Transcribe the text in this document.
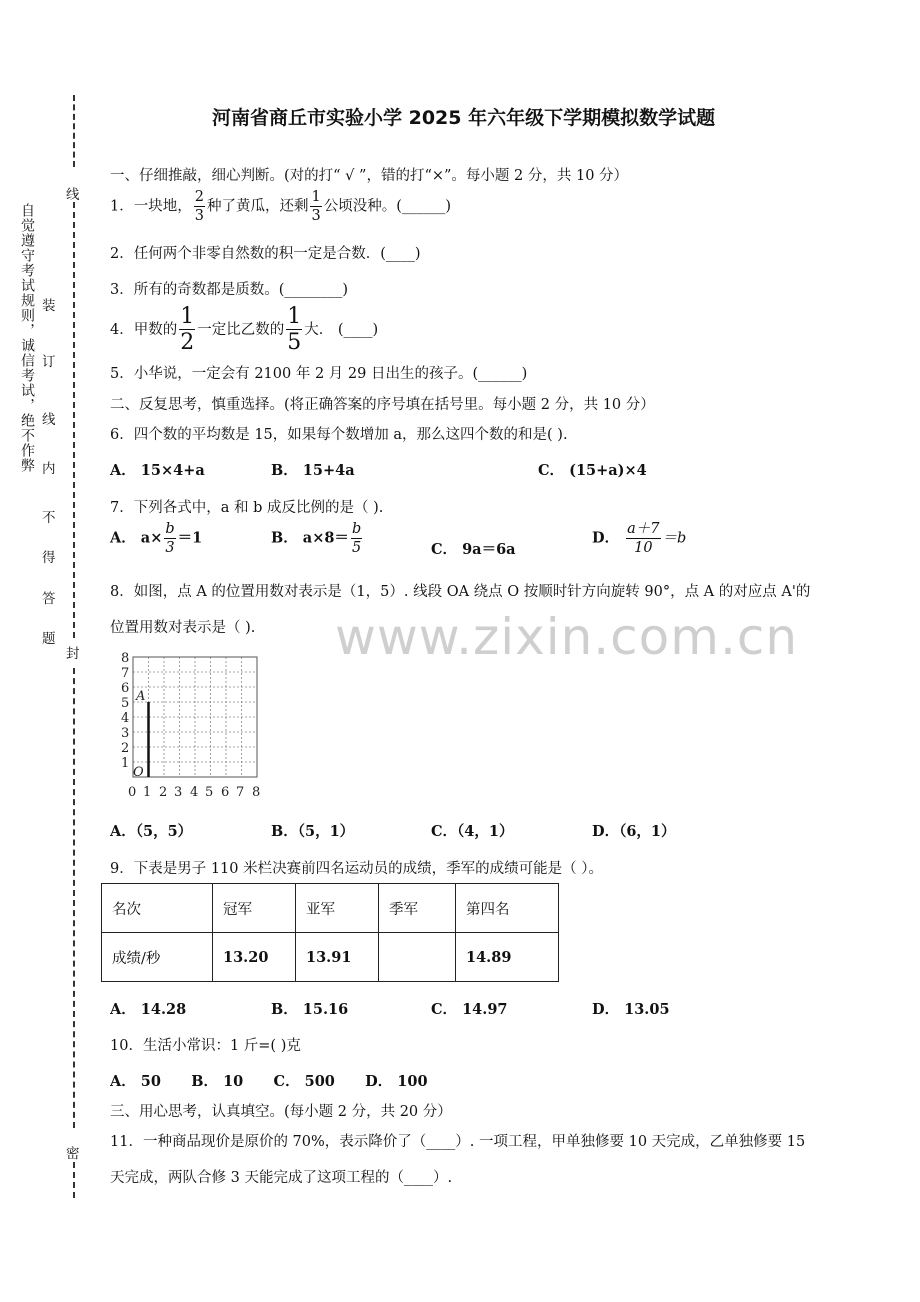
线
封
密
自觉遵守考试规则，诚信考试，绝不作弊 装
订
线
内
不
得
答
题
河南省商丘市实验小学 2025 年六年级下学期模拟数学试题
一、仔细推敲，细心判断。(对的打“ √ ”，错的打“×”。每小题 2 分，共 10 分）
1．一块地， $\frac{2}{3}$ 种了黄瓜，还剩 $\frac{1}{3}$ 公顷没种。(______)
2．任何两个非零自然数的积一定是合数．(____)
3．所有的奇数都是质数。(________)
4．甲数的 $\frac{1}{2}$ 一定比乙数的 $\frac{1}{5}$ 大． (____)
5．小华说，一定会有 2100 年 2 月 29 日出生的孩子。(______)
二、反复思考，慎重选择。(将正确答案的序号填在括号里。每小题 2 分，共 10 分）
6．四个数的平均数是 15，如果每个数增加 a，那么这四个数的和是( ).
A． 15×4+a	B． 15+4a	C． (15+a)×4
7．下列各式中，a 和 b 成反比例的是（ ).
A． $a\times \frac{b}{3} =1$	B． $a\times 8= \frac{b}{5}$	C． 9a＝6a
D． $\frac{a+7}{10} =b$
8．如图，点 A 的位置用数对表示是（1，5）. 线段 OA 绕点 O 按顺时针方向旋转 90°，点 A 的对应点 A'的
位置用数对表示是（ ). www.zixin.com.cn
8
7
6
5
4
3
2
1
0 1 2 3 4 5 6 7 8
A
O
A．（5，5）	B．（5，1）	C．（4，1）	D．（6，1）
9．下表是男子 110 米栏决赛前四名运动员的成绩，季军的成绩可能是（ ）。
名次	冠军	亚军	季军	第四名
成绩/秒	13.20	13.91		14.89
A． 14.28	B． 15.16	C． 14.97	D． 13.05
10．生活小常识：1 斤=( )克
A． 50      B． 10      C． 500      D． 100
三、用心思考，认真填空。(每小题 2 分，共 20 分）
11．一种商品现价是原价的 70%，表示降价了（____）. 一项工程，甲单独修要 10 天完成，乙单独修要 15
天完成，两队合修 3 天能完成了这项工程的（____）.
